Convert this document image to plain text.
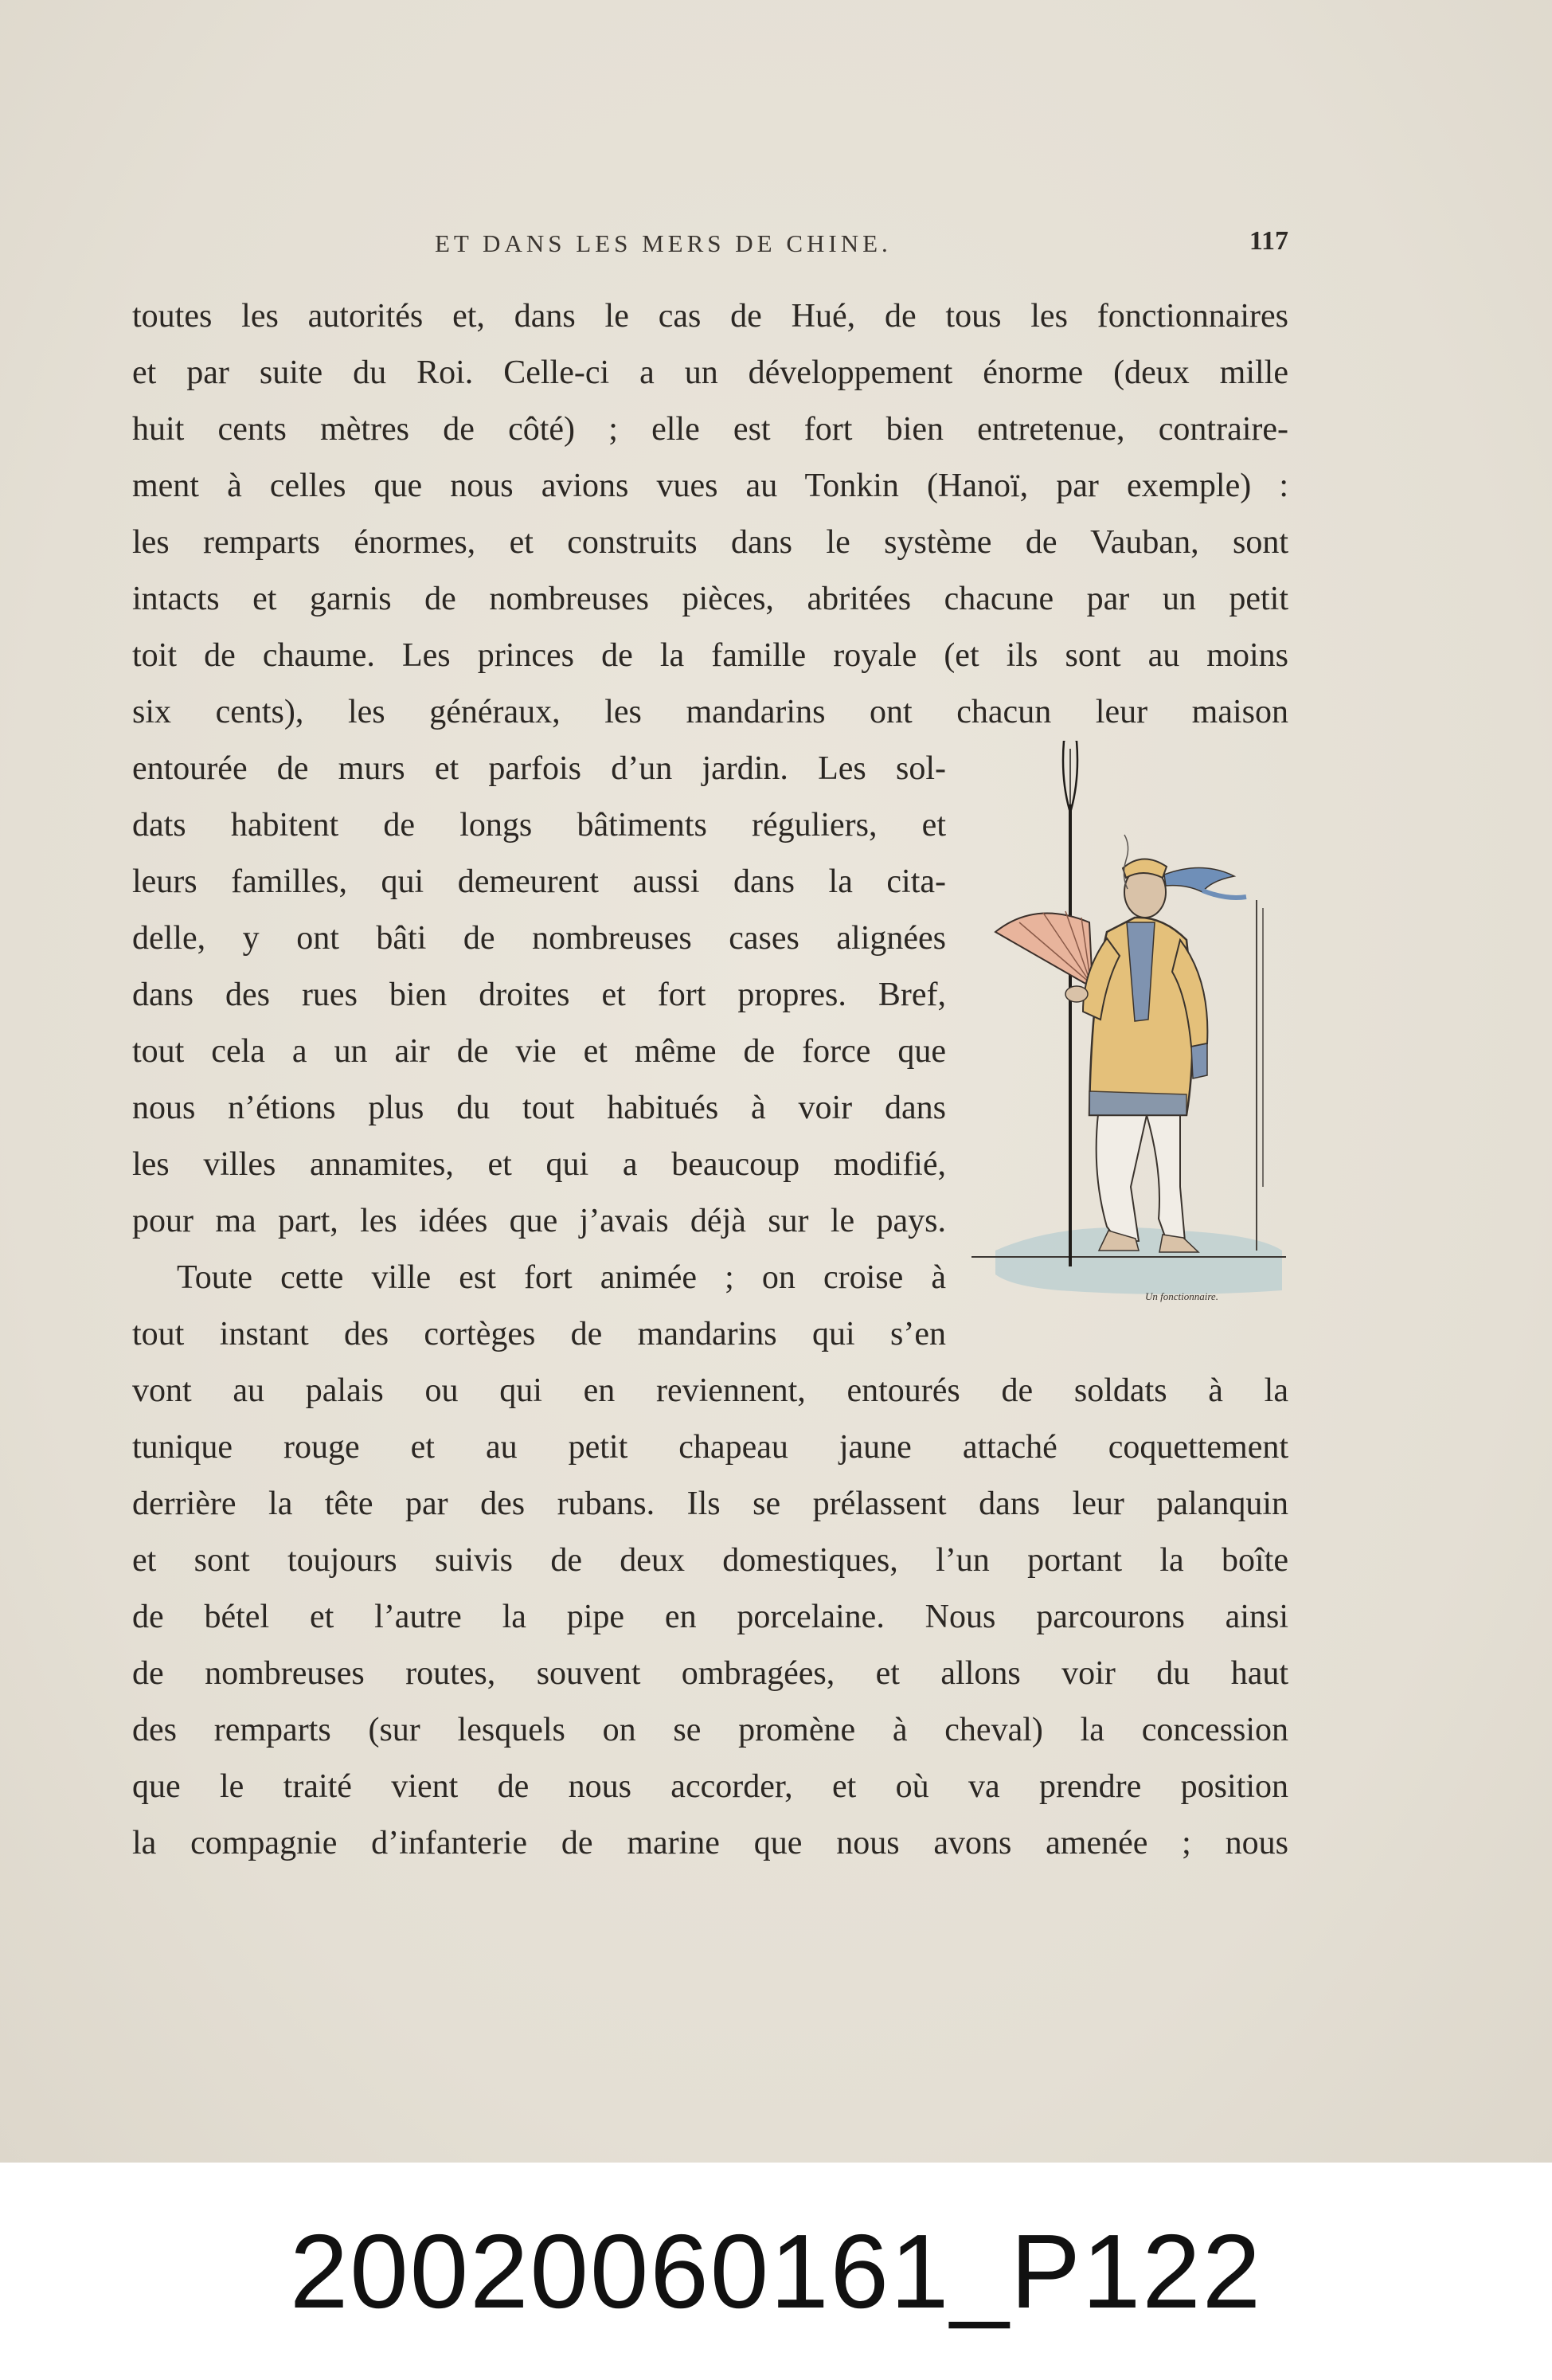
ET DANS LES MERS DE CHINE.	117
toutes les autorités et, dans le cas de Hué, de tous les fonctionnaires
et par suite du Roi. Celle-ci a un développement énorme (deux mille
huit cents mètres de côté) ; elle est fort bien entretenue, contraire-
ment à celles que nous avions vues au Tonkin (Hanoï, par exemple) :
les remparts énormes, et construits dans le système de Vauban, sont
intacts et garnis de nombreuses pièces, abritées chacune par un petit
toit de chaume. Les princes de la famille royale (et ils sont au moins
six cents), les généraux, les mandarins ont chacun leur maison
entourée de murs et parfois d’un jardin. Les sol-
dats habitent de longs bâtiments réguliers, et
leurs familles, qui demeurent aussi dans la cita-
delle, y ont bâti de nombreuses cases alignées
dans des rues bien droites et fort propres. Bref,
tout cela a un air de vie et même de force que
nous n’étions plus du tout habitués à voir dans
les villes annamites, et qui a beaucoup modifié,
pour ma part, les idées que j’avais déjà sur le pays.
Toute cette ville est fort animée ; on croise à
tout instant des cortèges de mandarins qui s’en
vont au palais ou qui en reviennent, entourés de soldats à la
tunique rouge et au petit chapeau jaune attaché coquettement
derrière la tête par des rubans. Ils se prélassent dans leur palanquin
et sont toujours suivis de deux domestiques, l’un portant la boîte
de bétel et l’autre la pipe en porcelaine. Nous parcourons ainsi
de nombreuses routes, souvent ombragées, et allons voir du haut
des remparts (sur lesquels on se promène à cheval) la concession
que le traité vient de nous accorder, et où va prendre position
la compagnie d’infanterie de marine que nous avons amenée ; nous
Un fonctionnaire.
20020060161_P122
